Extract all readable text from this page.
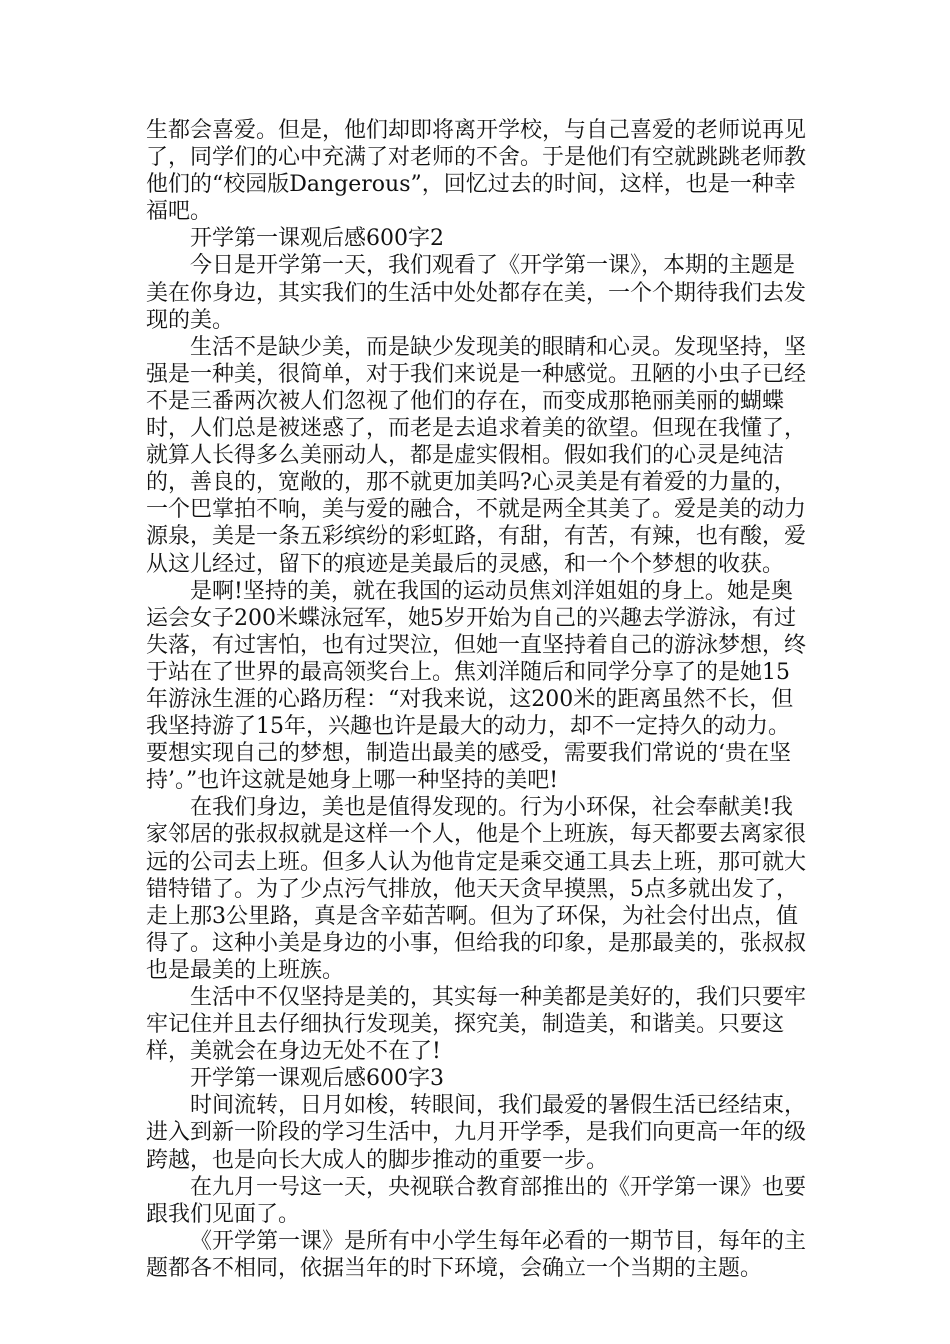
生都会喜爱。但是，他们却即将离开学校，与自己喜爱的老师说再见了，同学们的心中充满了对老师的不舍。于是他们有空就跳跳老师教他们的“校园版Dangerous”，回忆过去的时间，这样，也是一种幸福吧。

开学第一课观后感600字2

今日是开学第一天，我们观看了《开学第一课》，本期的主题是美在你身边，其实我们的生活中处处都存在美，一个个期待我们去发现的美。

生活不是缺少美，而是缺少发现美的眼睛和心灵。发现坚持，坚强是一种美，很简单，对于我们来说是一种感觉。丑陋的小虫子已经不是三番两次被人们忽视了他们的存在，而变成那艳丽美丽的蝴蝶时，人们总是被迷惑了，而老是去追求着美的欲望。但现在我懂了，就算人长得多么美丽动人，都是虚实假相。假如我们的心灵是纯洁的，善良的，宽敞的，那不就更加美吗?心灵美是有着爱的力量的，一个巴掌拍不响，美与爱的融合，不就是两全其美了。爱是美的动力源泉，美是一条五彩缤纷的彩虹路，有甜，有苦，有辣，也有酸，爱从这儿经过，留下的痕迹是美最后的灵感，和一个个梦想的收获。

是啊!坚持的美，就在我国的运动员焦刘洋姐姐的身上。她是奥运会女子200米蝶泳冠军，她5岁开始为自己的兴趣去学游泳，有过失落，有过害怕，也有过哭泣，但她一直坚持着自己的游泳梦想，终于站在了世界的最高领奖台上。焦刘洋随后和同学分享了的是她15年游泳生涯的心路历程：“对我来说，这200米的距离虽然不长，但我坚持游了15年，兴趣也许是最大的动力，却不一定持久的动力。要想实现自己的梦想，制造出最美的感受，需要我们常说的‘贵在坚持’。”也许这就是她身上哪一种坚持的美吧!

在我们身边，美也是值得发现的。行为小环保，社会奉献美!我家邻居的张叔叔就是这样一个人，他是个上班族，每天都要去离家很远的公司去上班。但多人认为他肯定是乘交通工具去上班，那可就大错特错了。为了少点污气排放，他天天贪早摸黑，5点多就出发了，走上那3公里路，真是含辛茹苦啊。但为了环保，为社会付出点，值得了。这种小美是身边的小事，但给我的印象，是那最美的，张叔叔也是最美的上班族。

生活中不仅坚持是美的，其实每一种美都是美好的，我们只要牢牢记住并且去仔细执行发现美，探究美，制造美，和谐美。只要这样，美就会在身边无处不在了!

开学第一课观后感600字3

时间流转，日月如梭，转眼间，我们最爱的暑假生活已经结束，进入到新一阶段的学习生活中，九月开学季，是我们向更高一年的级跨越，也是向长大成人的脚步推动的重要一步。

在九月一号这一天，央视联合教育部推出的《开学第一课》也要跟我们见面了。

《开学第一课》是所有中小学生每年必看的一期节目，每年的主题都各不相同，依据当年的时下环境，会确立一个当期的主题。
